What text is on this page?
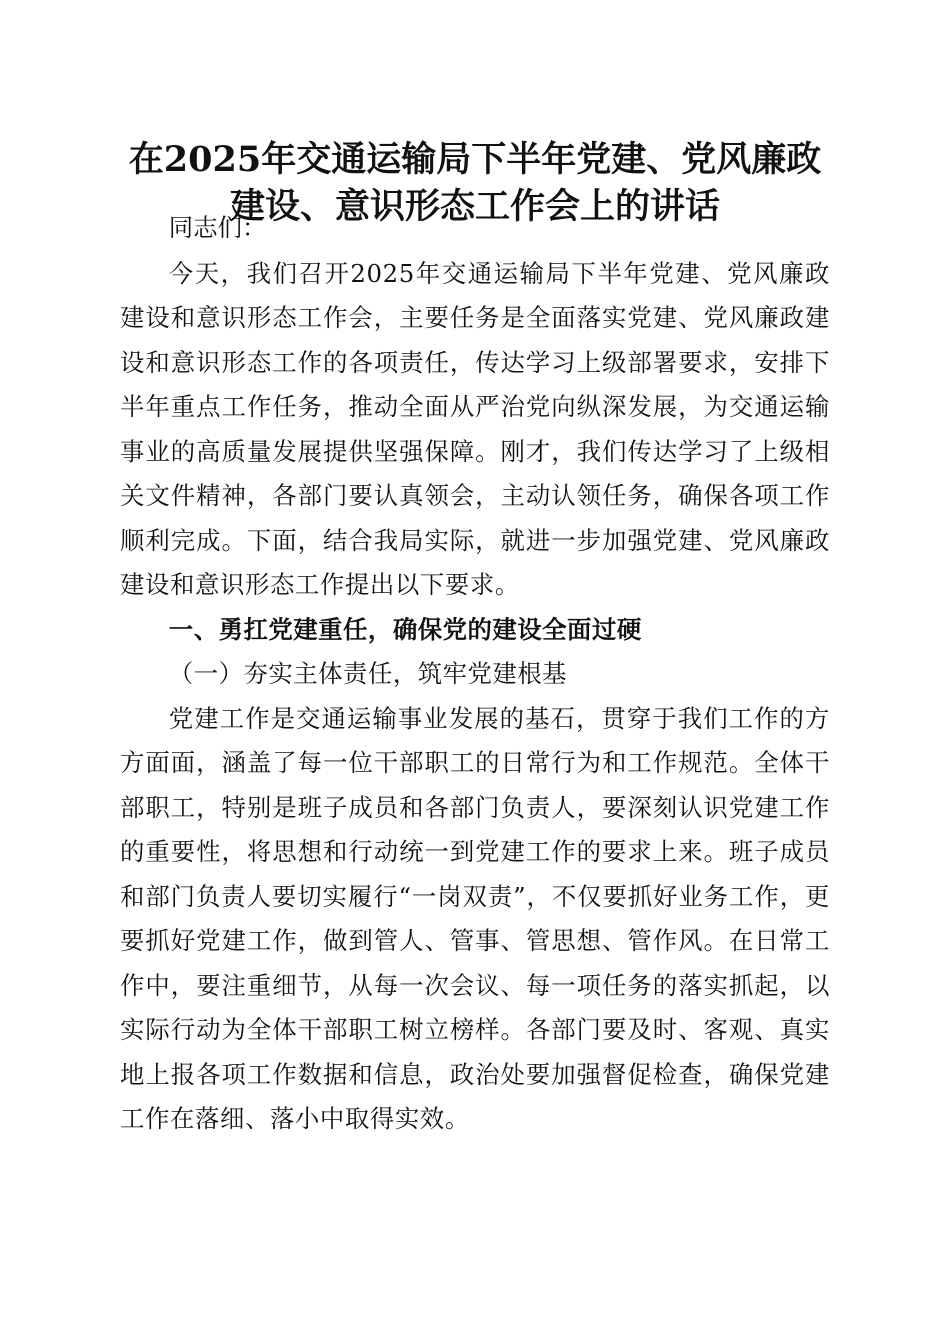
在2025年交通运输局下半年党建、党风廉政
建设、意识形态工作会上的讲话

同志们：

今天，我们召开2025年交通运输局下半年党建、党风廉政建设和意识形态工作会，主要任务是全面落实党建、党风廉政建设和意识形态工作的各项责任，传达学习上级部署要求，安排下半年重点工作任务，推动全面从严治党向纵深发展，为交通运输事业的高质量发展提供坚强保障。刚才，我们传达学习了上级相关文件精神，各部门要认真领会，主动认领任务，确保各项工作顺利完成。下面，结合我局实际，就进一步加强党建、党风廉政建设和意识形态工作提出以下要求。

一、勇扛党建重任，确保党的建设全面过硬

（一）夯实主体责任，筑牢党建根基

党建工作是交通运输事业发展的基石，贯穿于我们工作的方方面面，涵盖了每一位干部职工的日常行为和工作规范。全体干部职工，特别是班子成员和各部门负责人，要深刻认识党建工作的重要性，将思想和行动统一到党建工作的要求上来。班子成员和部门负责人要切实履行“一岗双责”，不仅要抓好业务工作，更要抓好党建工作，做到管人、管事、管思想、管作风。在日常工作中，要注重细节，从每一次会议、每一项任务的落实抓起，以实际行动为全体干部职工树立榜样。各部门要及时、客观、真实地上报各项工作数据和信息，政治处要加强督促检查，确保党建工作在落细、落小中取得实效。
